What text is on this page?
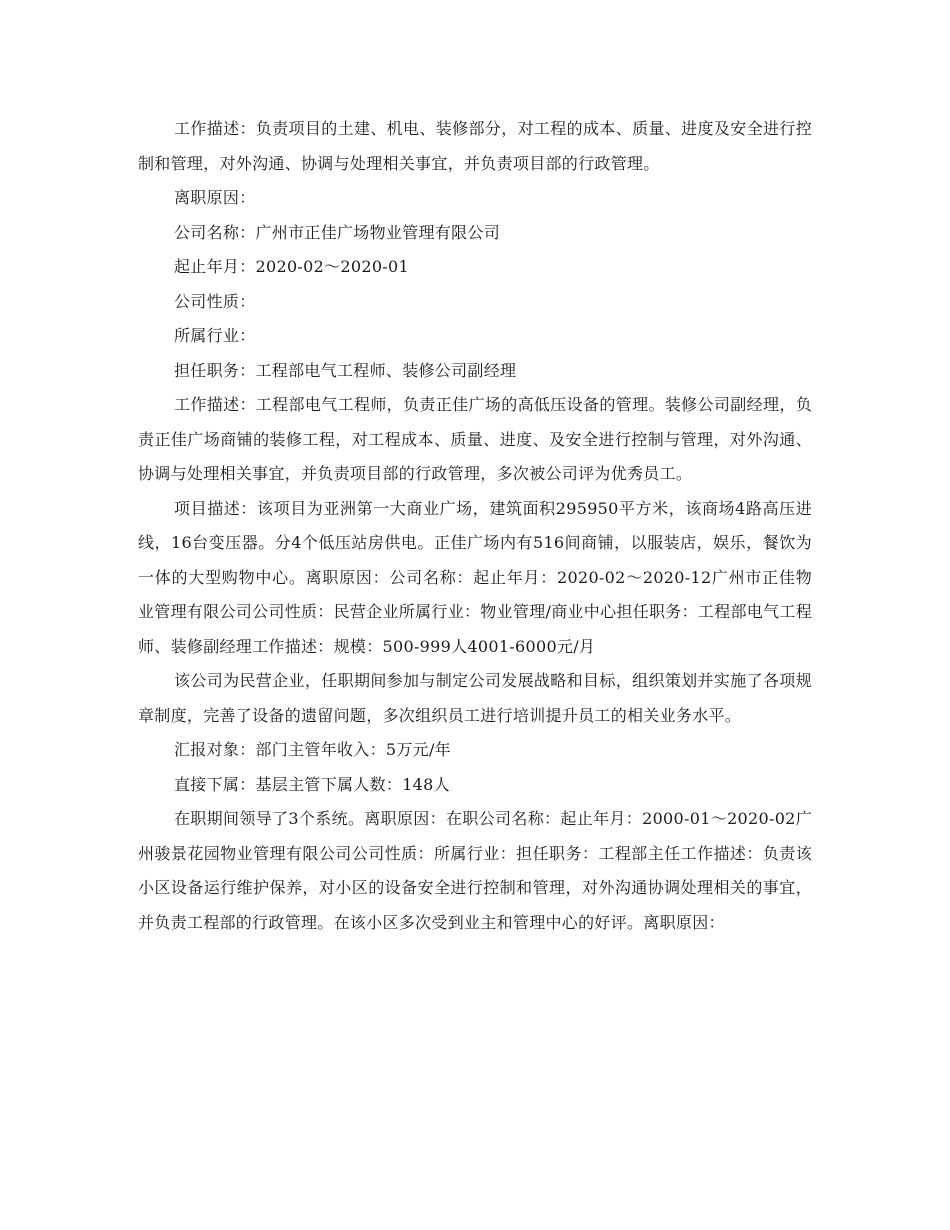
工作描述：负责项目的土建、机电、装修部分，对工程的成本、质量、进度及安全进行控制和管理，对外沟通、协调与处理相关事宜，并负责项目部的行政管理。

离职原因：

公司名称：广州市正佳广场物业管理有限公司

起止年月：2020-02～2020-01

公司性质：

所属行业：

担任职务：工程部电气工程师、装修公司副经理

工作描述：工程部电气工程师，负责正佳广场的高低压设备的管理。装修公司副经理，负责正佳广场商铺的装修工程，对工程成本、质量、进度、及安全进行控制与管理，对外沟通、协调与处理相关事宜，并负责项目部的行政管理，多次被公司评为优秀员工。

项目描述：该项目为亚洲第一大商业广场，建筑面积295950平方米，该商场4路高压进线，16台变压器。分4个低压站房供电。正佳广场内有516间商铺，以服装店，娱乐，餐饮为一体的大型购物中心。离职原因：公司名称：起止年月：2020-02～2020-12广州市正佳物业管理有限公司公司性质：民营企业所属行业：物业管理/商业中心担任职务：工程部电气工程师、装修副经理工作描述：规模：500-999人4001-6000元/月

该公司为民营企业，任职期间参加与制定公司发展战略和目标，组织策划并实施了各项规章制度，完善了设备的遗留问题，多次组织员工进行培训提升员工的相关业务水平。

汇报对象：部门主管年收入：5万元/年

直接下属：基层主管下属人数：148人

在职期间领导了3个系统。离职原因：在职公司名称：起止年月：2000-01～2020-02广州骏景花园物业管理有限公司公司性质：所属行业：担任职务：工程部主任工作描述：负责该小区设备运行维护保养，对小区的设备安全进行控制和管理，对外沟通协调处理相关的事宜，并负责工程部的行政管理。在该小区多次受到业主和管理中心的好评。离职原因：
